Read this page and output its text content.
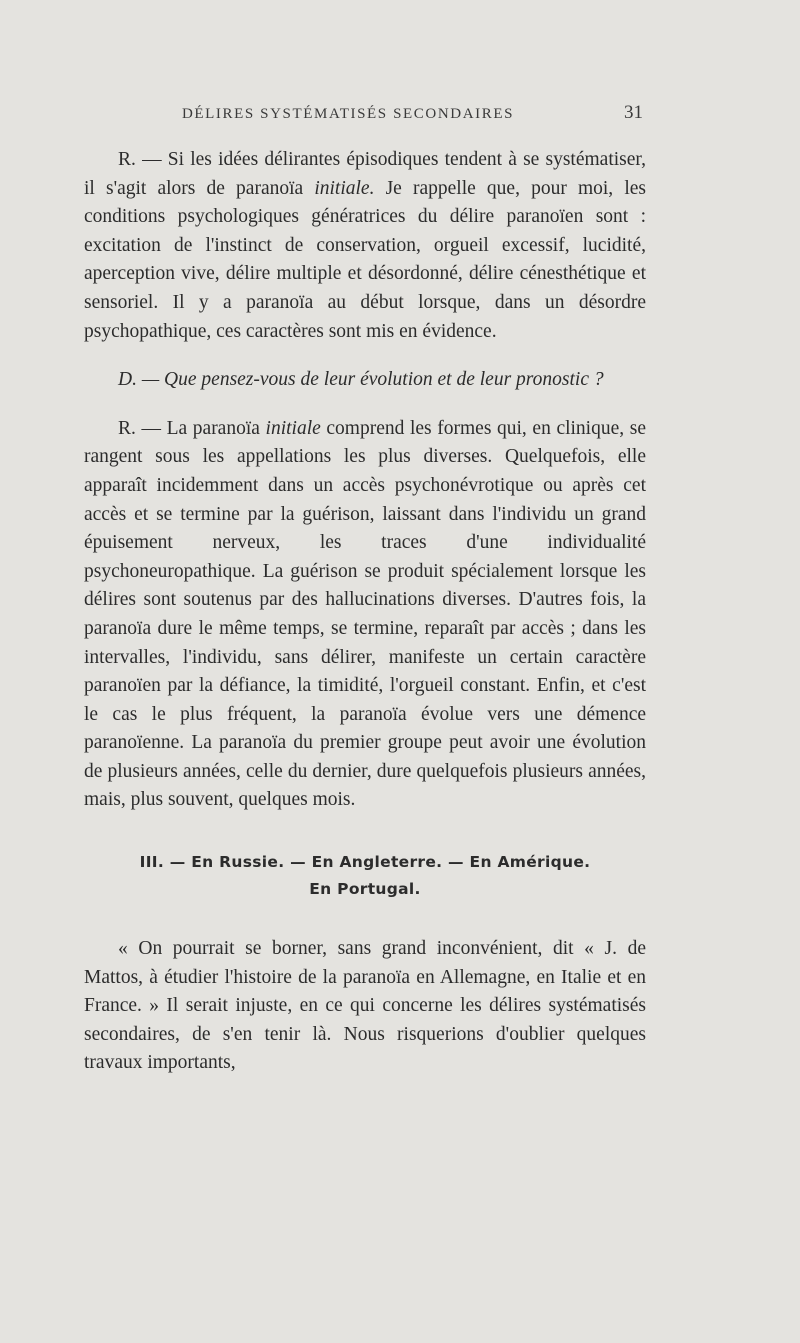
DÉLIRES SYSTÉMATISÉS SECONDAIRES	31

R. — Si les idées délirantes épisodiques tendent à se systématiser, il s'agit alors de paranoïa initiale. Je rappelle que, pour moi, les conditions psychologiques génératrices du délire paranoïen sont : excitation de l'instinct de conservation, orgueil excessif, lucidité, aperception vive, délire multiple et désordonné, délire cénesthétique et sensoriel. Il y a paranoïa au début lorsque, dans un désordre psychopathique, ces caractères sont mis en évidence.

D. — Que pensez-vous de leur évolution et de leur pronostic ?

R. — La paranoïa initiale comprend les formes qui, en clinique, se rangent sous les appellations les plus diverses. Quelquefois, elle apparaît incidemment dans un accès psychonévrotique ou après cet accès et se termine par la guérison, laissant dans l'individu un grand épuisement nerveux, les traces d'une individualité psychoneuropathique. La guérison se produit spécialement lorsque les délires sont soutenus par des hallucinations diverses. D'autres fois, la paranoïa dure le même temps, se termine, reparaît par accès ; dans les intervalles, l'individu, sans délirer, manifeste un certain caractère paranoïen par la défiance, la timidité, l'orgueil constant. Enfin, et c'est le cas le plus fréquent, la paranoïa évolue vers une démence paranoïenne. La paranoïa du premier groupe peut avoir une évolution de plusieurs années, celle du dernier, dure quelquefois plusieurs années, mais, plus souvent, quelques mois.

III. — En Russie. — En Angleterre. — En Amérique.
En Portugal.

« On pourrait se borner, sans grand inconvénient, dit « J. de Mattos, à étudier l'histoire de la paranoïa en Allemagne, en Italie et en France. » Il serait injuste, en ce qui concerne les délires systématisés secondaires, de s'en tenir là. Nous risquerions d'oublier quelques travaux importants,
